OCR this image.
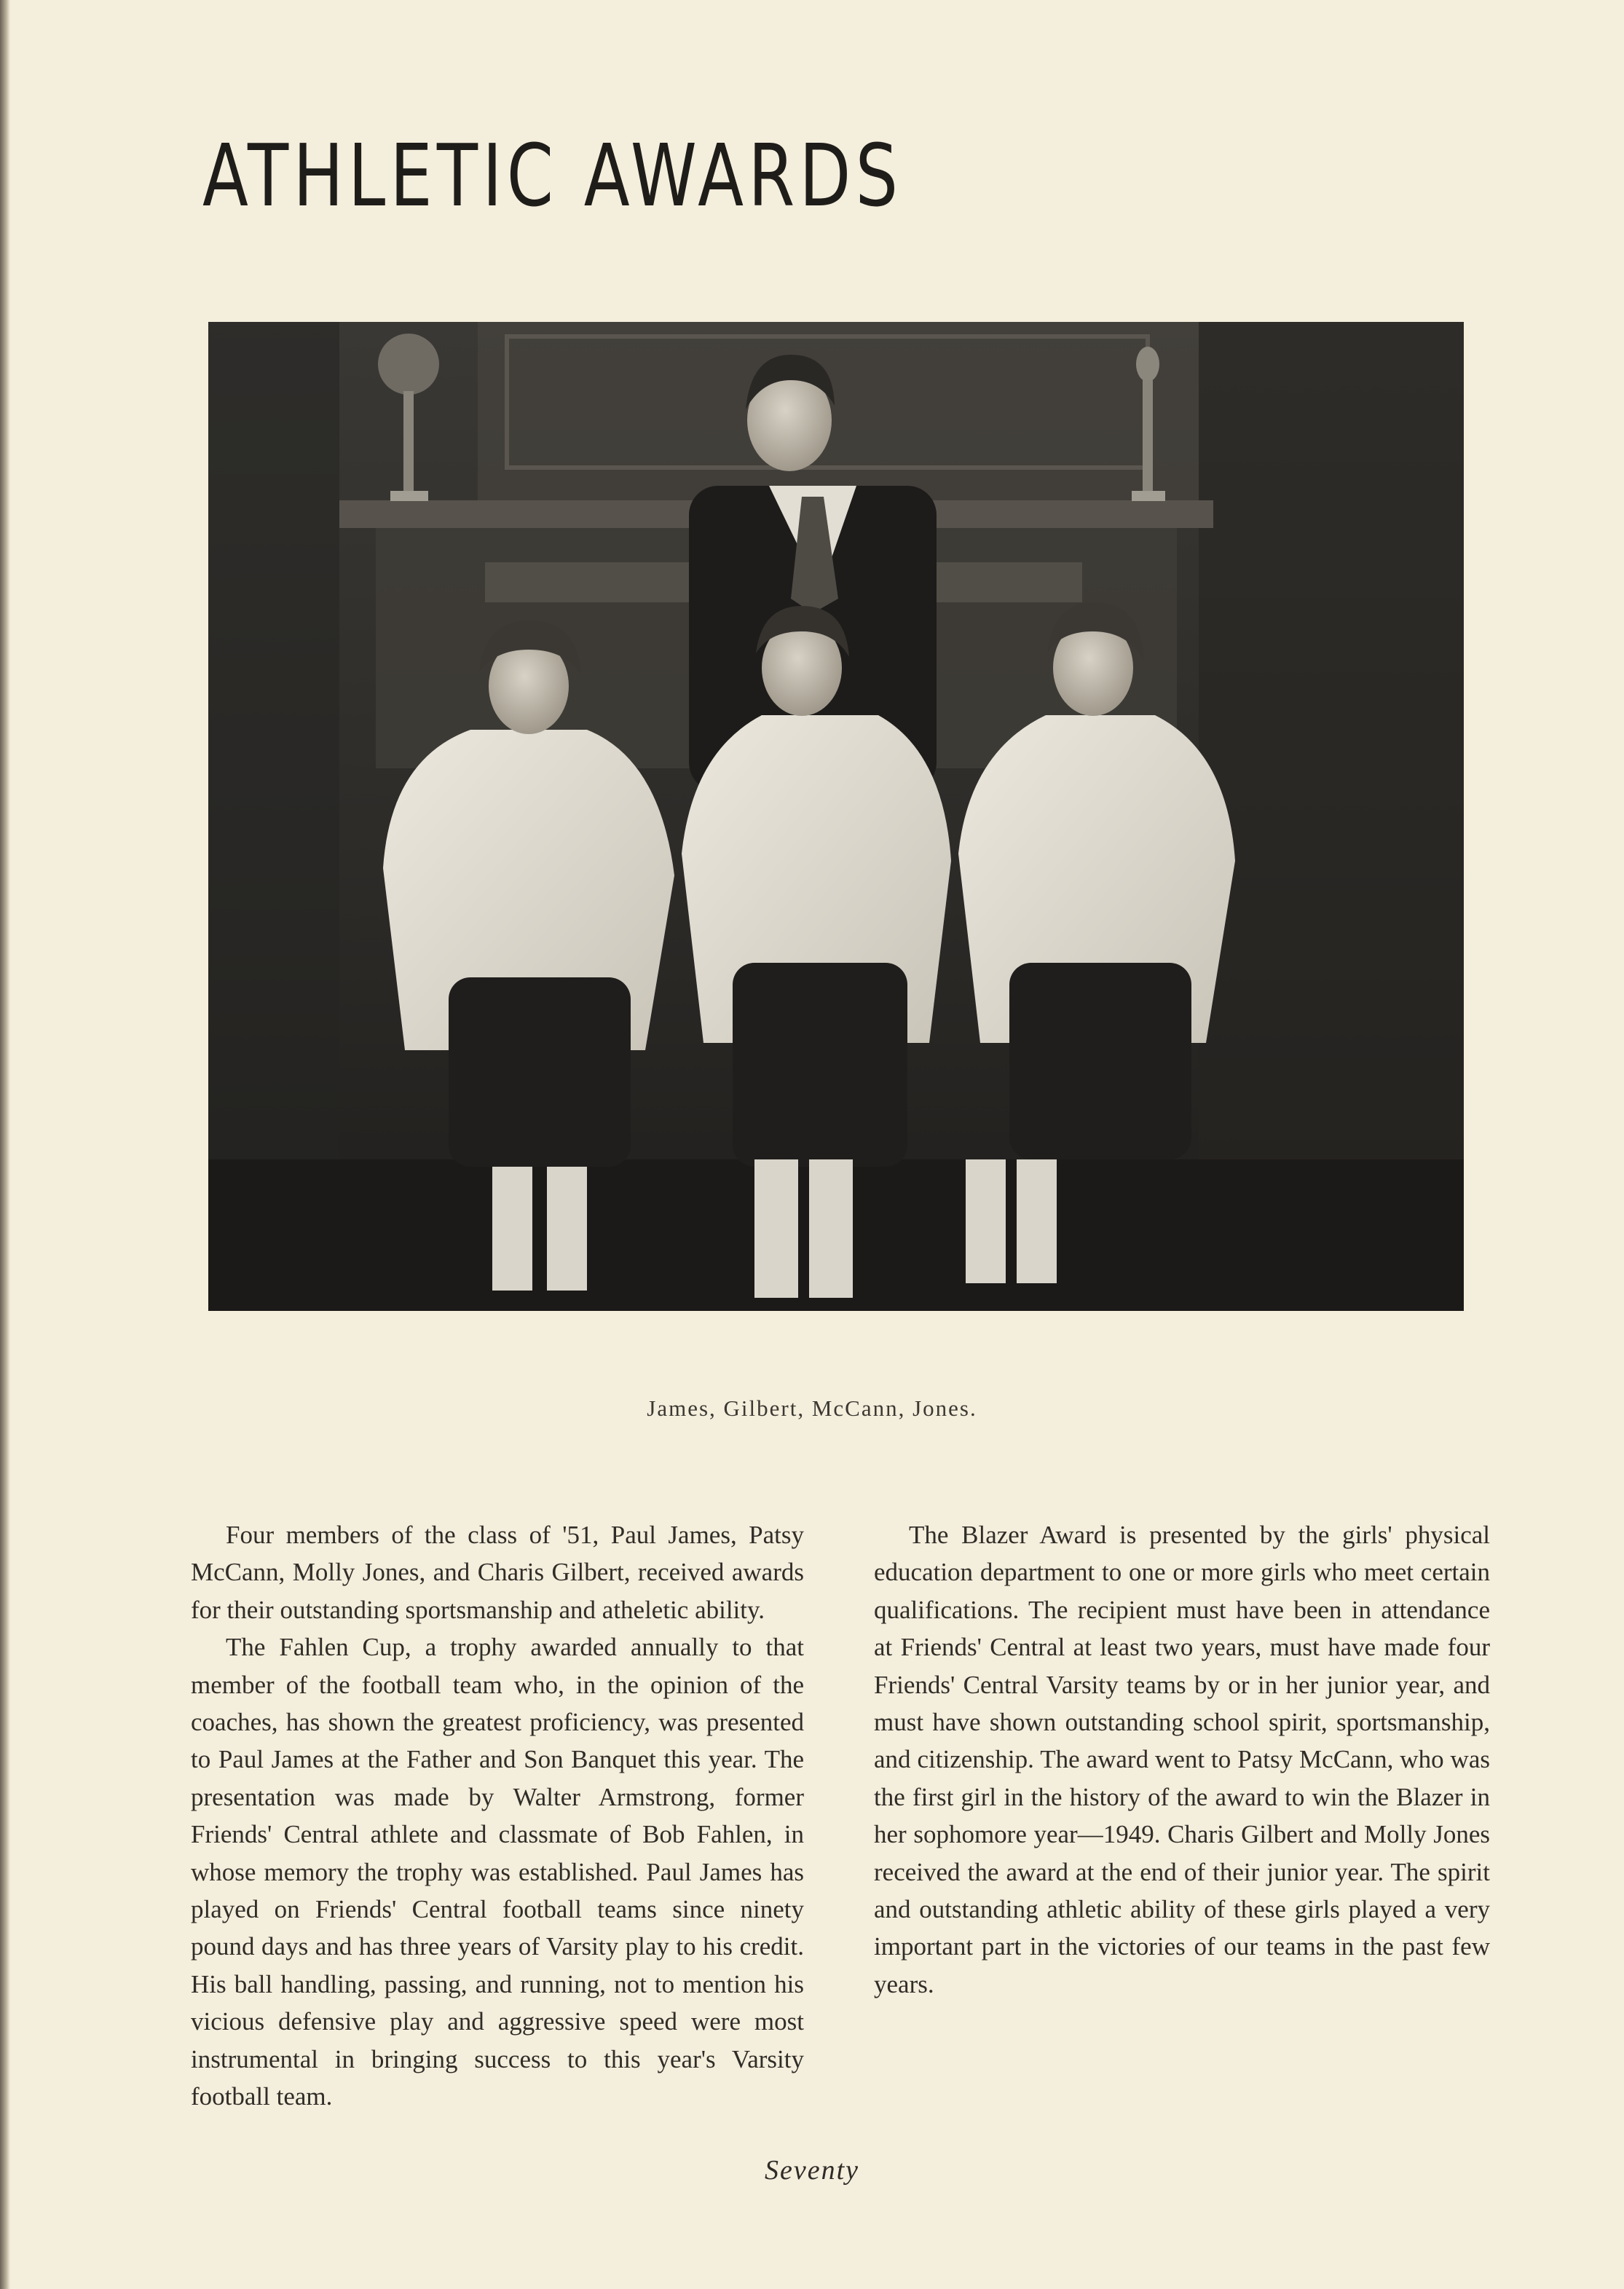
ATHLETIC AWARDS
James, Gilbert, McCann, Jones.

Four members of the class of '51, Paul James, Patsy McCann, Molly Jones, and Charis Gilbert, received awards for their outstanding sportsmanship and atheletic ability.

The Fahlen Cup, a trophy awarded annually to that member of the football team who, in the opinion of the coaches, has shown the greatest proficiency, was presented to Paul James at the Father and Son Banquet this year. The presentation was made by Walter Armstrong, former Friends' Central athlete and classmate of Bob Fahlen, in whose memory the trophy was established. Paul James has played on Friends' Central football teams since ninety pound days and has three years of Varsity play to his credit. His ball handling, passing, and running, not to mention his vicious defensive play and aggressive speed were most instrumental in bringing success to this year's Varsity football team.

The Blazer Award is presented by the girls' physical education department to one or more girls who meet certain qualifications. The recipient must have been in attendance at Friends' Central at least two years, must have made four Friends' Central Varsity teams by or in her junior year, and must have shown outstanding school spirit, sportsmanship, and citizenship. The award went to Patsy McCann, who was the first girl in the history of the award to win the Blazer in her sophomore year—1949. Charis Gilbert and Molly Jones received the award at the end of their junior year. The spirit and outstanding athletic ability of these girls played a very important part in the victories of our teams in the past few years.

Seventy
